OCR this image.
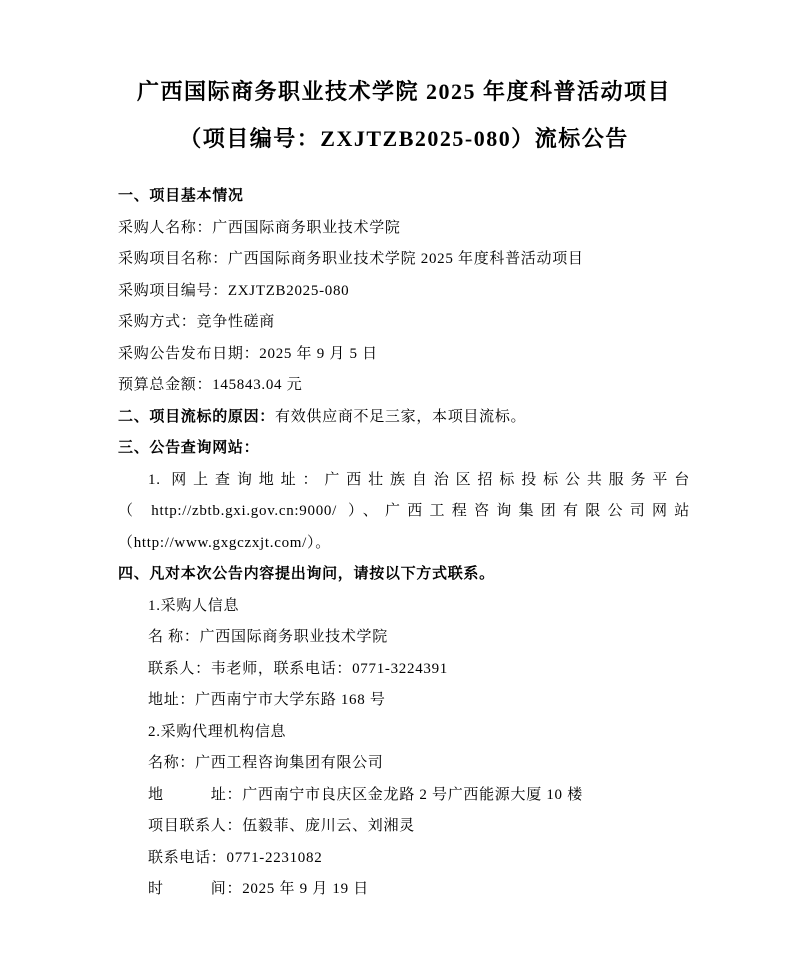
广西国际商务职业技术学院 2025 年度科普活动项目
（项目编号：ZXJTZB2025-080）流标公告

一、项目基本情况

采购人名称：广西国际商务职业技术学院

采购项目名称：广西国际商务职业技术学院 2025 年度科普活动项目

采购项目编号：ZXJTZB2025-080

采购方式：竞争性磋商

采购公告发布日期：2025 年 9 月 5 日

预算总金额：145843.04 元

二、项目流标的原因：有效供应商不足三家，本项目流标。

三、公告查询网站：

1. 网上查询地址：广西壮族自治区招标投标公共服务平台

（ http://zbtb.gxi.gov.cn:9000/ ）、广西工程咨询集团有限公司网站

（http://www.gxgczxjt.com/）。

四、凡对本次公告内容提出询问，请按以下方式联系。

1.采购人信息

名 称：广西国际商务职业技术学院

联系人：韦老师，联系电话：0771-3224391

地址：广西南宁市大学东路 168 号

2.采购代理机构信息

名称：广西工程咨询集团有限公司

地　　　址：广西南宁市良庆区金龙路 2 号广西能源大厦 10 楼

项目联系人：伍毅菲、庞川云、刘湘灵

联系电话：0771-2231082

时　　　间：2025 年 9 月 19 日
